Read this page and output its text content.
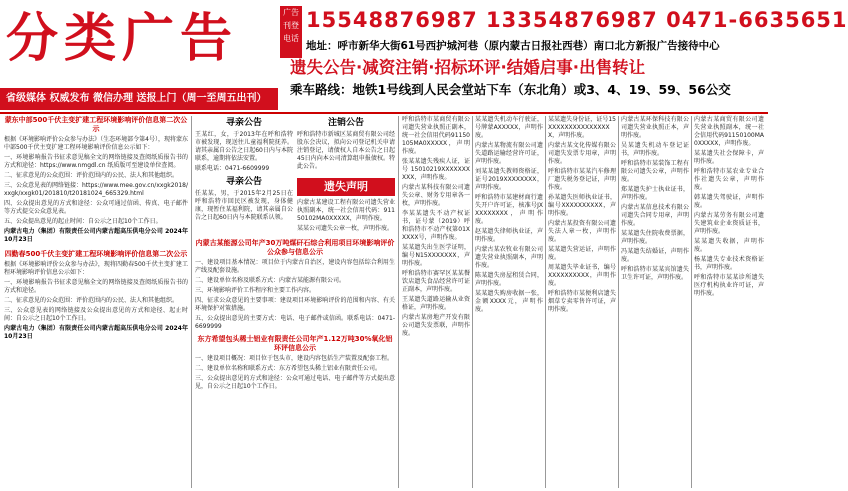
分类广告	广告
刊登
电话
15548876987 13354876987 0471-6635651
地址：呼市新华大街61号西护城河巷（原内蒙古日报社西巷）南口北方新报广告接待中心
遗失公告·减资注销·招标环评·结婚启事·出售转让
乘车路线：地铁1号线到人民会堂站下车（东北角）或3、4、19、59、56公交
省级媒体 权威发布 微信办理 送报上门（周一至周五出刊）
蒙东中部500千伏主变扩建工程环境影响评价信息第二次公示

根据《环境影响评价公众参与办法》（生态环境部令第4号），现将蒙东中部500千伏主变扩建工程环境影响评价信息公示如下：

一、环境影响报告书征求意见稿全文的网络链接及查阅纸质报告书的方式和途径：https://www.nmgdl.cn 纸质版可至建设单位查阅。

二、征求意见的公众范围：评价范围内的公民、法人和其他组织。

三、公众意见表的网络链接：https://www.mee.gov.cn/xxgk2018/xxgk/xxgk01/201810/t20181024_665329.html

四、公众提出意见的方式和途径：公众可通过信函、传真、电子邮件等方式提交公众意见表。

五、公众提出意见的起止时间：自公示之日起10个工作日。

内蒙古电力（集团）有限责任公司内蒙古超高压供电分公司 2024年10月23日

四勤春500千伏主变扩建工程环境影响评价信息第二次公示

根据《环境影响评价公众参与办法》，现将四勤春500千伏主变扩建工程环境影响评价信息公示如下：

一、环境影响报告书征求意见稿全文的网络链接及查阅纸质报告书的方式和途径。

二、征求意见的公众范围：评价范围内的公民、法人和其他组织。

三、公众意见表的网络链接及公众提出意见的方式和途径、起止时间：自公示之日起10个工作日。

内蒙古电力（集团）有限责任公司内蒙古超高压供电分公司 2024年10月23日

寻亲公告

王某红，女，于2013年在呼和浩特市被发现，现送往儿童福利院抚养。请其亲属自公告之日起60日内与本院联系，逾期将依法安置。

联系电话：0471-6609999

注销公告

呼和浩特市新城区某商贸有限公司经股东会决议，拟向公司登记机关申请注销登记，请债权人自本公告之日起45日内向本公司清算组申报债权。特此公告。

寻亲公告

任某某，男，于2015年2月25日在呼和浩特市回民区被发现，身体健康，现暂住某福利院，请其亲属自公告之日起60日内与本院联系认领。

遗失声明

内蒙古某建设工程有限公司遗失营业执照副本，统一社会信用代码：91150102MA0XXXXX，声明作废。

某某公司遗失公章一枚，声明作废。

内蒙古某能源公司年产30万吨煤矸石综合利用项目环境影响评价公众参与信息公示

一、建设项目基本情况：项目位于内蒙古自治区，建设内容包括综合利用生产线及配套设施。

二、建设单位名称及联系方式：内蒙古某能源有限公司。

三、环境影响评价工作程序和主要工作内容。

四、征求公众意见的主要事项：建设项目环境影响评价的范围和内容、有关环境保护对策措施。

五、公众提出意见的主要方式：电话、电子邮件或信函。联系电话：0471-6699999

东方希望包头稀土铝业有限责任公司年产1.12万吨30%氧化铝环评信息公示

一、建设项目概况：项目位于包头市，建设内容包括生产装置及配套工程。

二、建设单位名称和联系方式：东方希望包头稀土铝业有限责任公司。

三、公众提出意见的方式和途径：公众可通过电话、电子邮件等方式提出意见，自公示之日起10个工作日。

呼和浩特市某商贸有限公司遗失营业执照正副本，统一社会信用代码91150105MA0XXXXX，声明作废。

张某某遗失残疾人证，证号15010219XXXXXXXXXX，声明作废。

内蒙古某科技有限公司遗失公章、财务专用章各一枚，声明作废。

李某某遗失不动产权证书，证号蒙（2019）呼和浩特市不动产权第01XXXXX号，声明作废。

某某遗失出生医学证明，编号N15XXXXXXX，声明作废。

呼和浩特市赛罕区某某餐饮店遗失食品经营许可证正副本，声明作废。

王某遗失道路运输从业资格证，声明作废。

内蒙古某房地产开发有限公司遗失发票联，声明作废。

某某遗失机动车行驶证，号牌蒙AXXXXX，声明作废。

内蒙古某物流有限公司遗失道路运输经营许可证，声明作废。

刘某某遗失教师资格证，证号2019XXXXXXXX，声明作废。

呼和浩特市某建材商行遗失开户许可证，核准号JXXXXXXXXX，声明作废。

赵某遗失律师执业证，声明作废。

内蒙古某农牧业有限公司遗失营业执照副本，声明作废。

陈某遗失房屋租赁合同，声明作废。

某某遗失购房收据一张，金额XXXX元，声明作废。

某某遗失身份证，证号15XXXXXXXXXXXXXXXX，声明作废。

内蒙古某文化传媒有限公司遗失发票专用章，声明作废。

呼和浩特市某某汽车修理厂遗失税务登记证，声明作废。

孙某遗失医师执业证书，编号XXXXXXXXXX，声明作废。

内蒙古某投资有限公司遗失法人章一枚，声明作废。

某某遗失营运证，声明作废。

周某遗失毕业证书，编号XXXXXXXXXX，声明作废。

呼和浩特市某便利店遗失烟草专卖零售许可证，声明作废。

内蒙古某环保科技有限公司遗失营业执照正本，声明作废。

吴某遗失机动车登记证书，声明作废。

呼和浩特市某装饰工程有限公司遗失公章，声明作废。

郑某遗失护士执业证书，声明作废。

内蒙古某信息技术有限公司遗失合同专用章，声明作废。

某某遗失住院收费票据，声明作废。

冯某遗失结婚证，声明作废。

呼和浩特市某某宾馆遗失卫生许可证，声明作废。

内蒙古某商贸有限公司遗失营业执照副本，统一社会信用代码91150100MA0XXXXX，声明作废。

某某遗失社会保障卡，声明作废。

呼和浩特市某农业专业合作社遗失公章，声明作废。

韩某遗失驾驶证，声明作废。

内蒙古某劳务有限公司遗失建筑业企业资质证书，声明作废。

某某遗失收据，声明作废。

杨某遗失专业技术资格证书，声明作废。

呼和浩特市某某诊所遗失医疗机构执业许可证，声明作废。
